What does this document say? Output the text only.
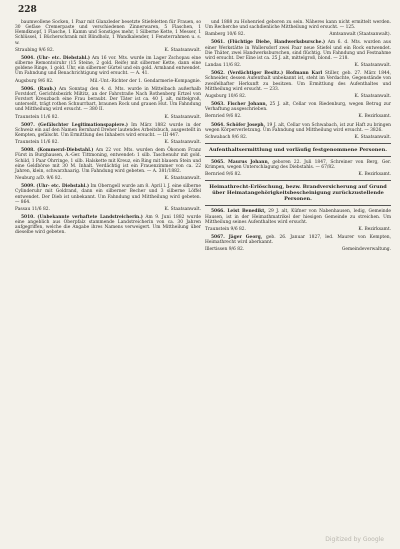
228

baumwollene Socken, 1 Paar mit Glanzleder besetzte Stiefeletten für Frauen, so 30 Gefäse Cremerpaste und verschiedenen Zinnerwaren, 5 Flaschen, 1 Hemdknopf, 1 Flasche, 1 Kamm und Sonstiges mehr, 1 Silberne Kette, 1 Messer, 1 Schlüssel, 1 Bücherschrank mit Blindholz, 1 Wandkalender, 1 Fensterrahmen u. s. w.

Straubing 9/6 82.	K. Staatsanwalt.

5004. (Uhr- etc. Diebstahl.) Am 16 vor. Mts. wurde im Lager Zschopau eine silberne Remontoiruhr (15 Steine, 2 gold. Reife) mit silberner Kette, dann eine goldene Ringe, 1 gold. Uhr, ein silberner Gürtel und ein gold. Armband entwendet. Um Fahndung und Benachrichtigung wird ersucht. — A. 41.

Augsburg 9/6 82.	Mil.-Unt.-Richter der 1. Gendarmerie-Kompagnie.

5006. (Raub.) Am Sonntag den 4. d. Mts. wurde in Mittelbach außerhalb Forstdorf, Gerichtsbezirk Miltitz, an der Fahrstraße Nach Rothenberg Ertzel von Forstort Kreuzbach eine Frau beraubt. Der Täter ist ca. 40 J. alt, mittelgroß, unterseßt, trägt rothen Schnurrbart, braunen Rock und grauen Hut. Um Fahndung und Mittheilung wird ersucht. — 380 II.

Traunstein 11/6 82.	K. Staatsanwalt.

5007. (Gefälschter Legitimationspapiere.) Im März 1882 wurde in der Schweiz ein auf den Namen Bernhard Dreher lautendes Arbeitsbuch, ausgestellt in Kempten, gefälscht. Um Ermittlung des Inhabers wird ersucht. — III 447.

Traunstein 11/6 82.	K. Staatsanwalt.

5008. (Kommerzl-Diebstahl.) Am 22 vor. Mts. wurden dem Ökonom Franz Fürst in Burghausen, A.-Ger. Tittmoning, entwendet: 1 silb. Taschenuhr mit gold. Schild, 1 Paar Ohrringe, 1 silb. Halskette mit Kreuz, ein Ring mit blauem Stein und eine Geldbörse mit 30 M. Inhalt. Verdächtig ist ein Frauenzimmer von ca. 22 Jahren, klein, schwarzhaarig. Um Fahndung wird gebeten. — A. 381/1882.

Neuburg a/D. 9/6 82.	K. Staatsanwalt.

5009. (Uhr- etc. Diebstahl.) Im Oberngell wurde am 8. April l. J. eine silberne Cylinderuhr mit Goldrand, dann ein silberner Becher und 3 silberne Löffel entwendet. Der Dieb ist unbekannt. Um Fahndung und Mittheilung wird gebeten. — 864.

Passau 11/6 82.	K. Staatsanwalt.

5010. (Unbekannte verhaftete Landstreicherin.) Am 9. Juni 1882 wurde eine angeblich aus Oberpfalz stammende Landstreicherin von ca. 30 Jahren aufgegriffen, welche die Angabe ihres Namens verweigert. Um Mittheilung über dieselbe wird gebeten.

und 1888 zu Hohenried geboren zu sein. Näheres kann nicht ermittelt werden. Um Recherche und sachdienliche Mittheilung wird ersucht. — 125.

Bamberg 10/6 82.	Amtsanwalt (Staatsanwalt).

5061. (Flüchtige Diebe, Handwerksbursche.) Am 6. d. Mts. wurden aus einer Werkstätte in Wallersdorf zwei Paar neue Stiefel und ein Rock entwendet. Die Thäter, zwei Handwerksburschen, sind flüchtig. Um Fahndung und Festnahme wird ersucht. Der Eine ist ca. 25 J. alt, mittelgroß, blond. — 218.

Landau 11/6 82.	K. Staatsanwalt.

5062. (Verdächtiger Besitz.) Hofmann Karl Stiller, geb. 27. März 1844, Schneider, dessen Aufenthalt unbekannt ist, steht im Verdachte, Gegenstände von zweifelhafter Herkunft zu besitzen. Um Ermittlung des Aufenthaltes und Mittheilung wird ersucht. — 233.

Augsburg 10/6 82.	K. Staatsanwalt.

5063. Fischer Johann, 25 J. alt, Cellar von Riedenburg, wegen Betrug zur Verhaftung ausgeschrieben.

Bernried 9/6 82.	K. Bezirksamt.

5064. Schöfer Joseph, 19 J. alt, Cellar von Schwabach, ist zur Haft zu bringen wegen Körperverletzung. Um Fahndung und Mittheilung wird ersucht. — 3826.

Schwabach 9/6 82.	K. Staatsanwalt.
Aufenthaltsermittlung und vorläufig festgenommene Personen.

5065. Maurus Johann, geboren 22. Juli 1847, Schreiner von Berg, Ger. Krimpen, wegen Unterschlagung des Diebstahls. — 67/82.

Bernried 9/6 82.	K. Bezirksamt.
Heimathrecht-Erlöschung, bezw. Brandversicherung auf Grund über Heimatangehörigkeitsbescheinigung zurückzustellende Personen.

5066. Leist Benedikt, 29 J. alt, Küfner von Nabenhausen, ledig, Gemeinde Hausen, ist in der Heimathmatrikel der hiesigen Gemeinde zu streichen. Um Mittheilung seines Aufenthaltes wird ersucht.

Traunstein 9/6 82.	K. Bezirksamt.

5067. Jäger Georg, geb. 26. Januar 1827, led. Maurer von Kempten, Heimathrecht wird aberkannt.

Illertissen 9/6 82.	Gemeindeverwaltung.
Digitized by Google
